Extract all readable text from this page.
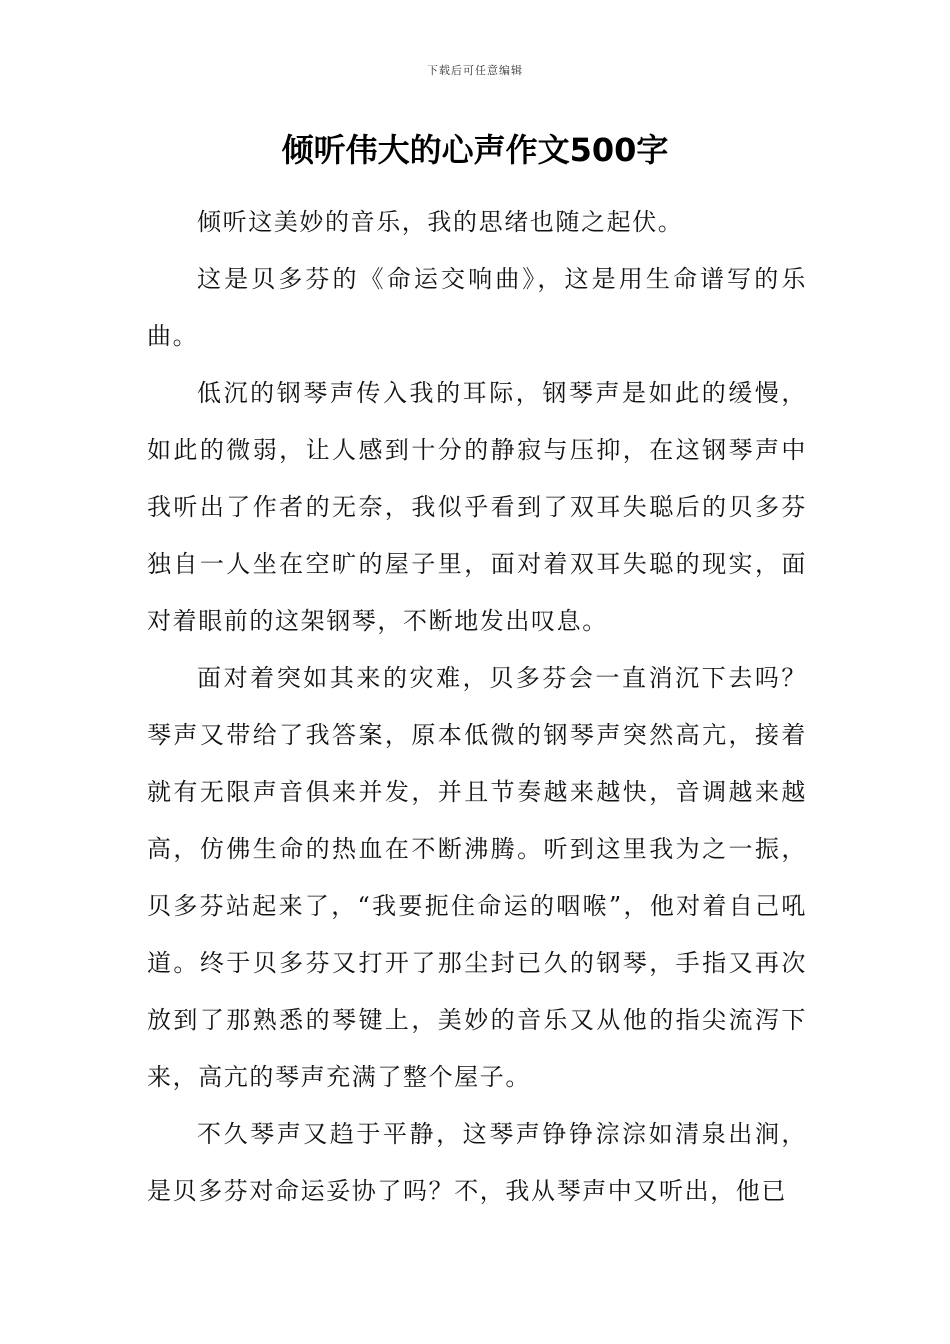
下载后可任意编辑
倾听伟大的心声作文500字

倾听这美妙的音乐，我的思绪也随之起伏。

这是贝多芬的《命运交响曲》，这是用生命谱写的乐曲。

低沉的钢琴声传入我的耳际，钢琴声是如此的缓慢，如此的微弱，让人感到十分的静寂与压抑，在这钢琴声中我听出了作者的无奈，我似乎看到了双耳失聪后的贝多芬独自一人坐在空旷的屋子里，面对着双耳失聪的现实，面对着眼前的这架钢琴，不断地发出叹息。

面对着突如其来的灾难，贝多芬会一直消沉下去吗？琴声又带给了我答案，原本低微的钢琴声突然高亢，接着就有无限声音俱来并发，并且节奏越来越快，音调越来越高，仿佛生命的热血在不断沸腾。听到这里我为之一振，贝多芬站起来了，“我要扼住命运的咽喉”，他对着自己吼道。终于贝多芬又打开了那尘封已久的钢琴，手指又再次放到了那熟悉的琴键上，美妙的音乐又从他的指尖流泻下来，高亢的琴声充满了整个屋子。

不久琴声又趋于平静，这琴声铮铮淙淙如清泉出涧，是贝多芬对命运妥协了吗？不，我从琴声中又听出，他已
